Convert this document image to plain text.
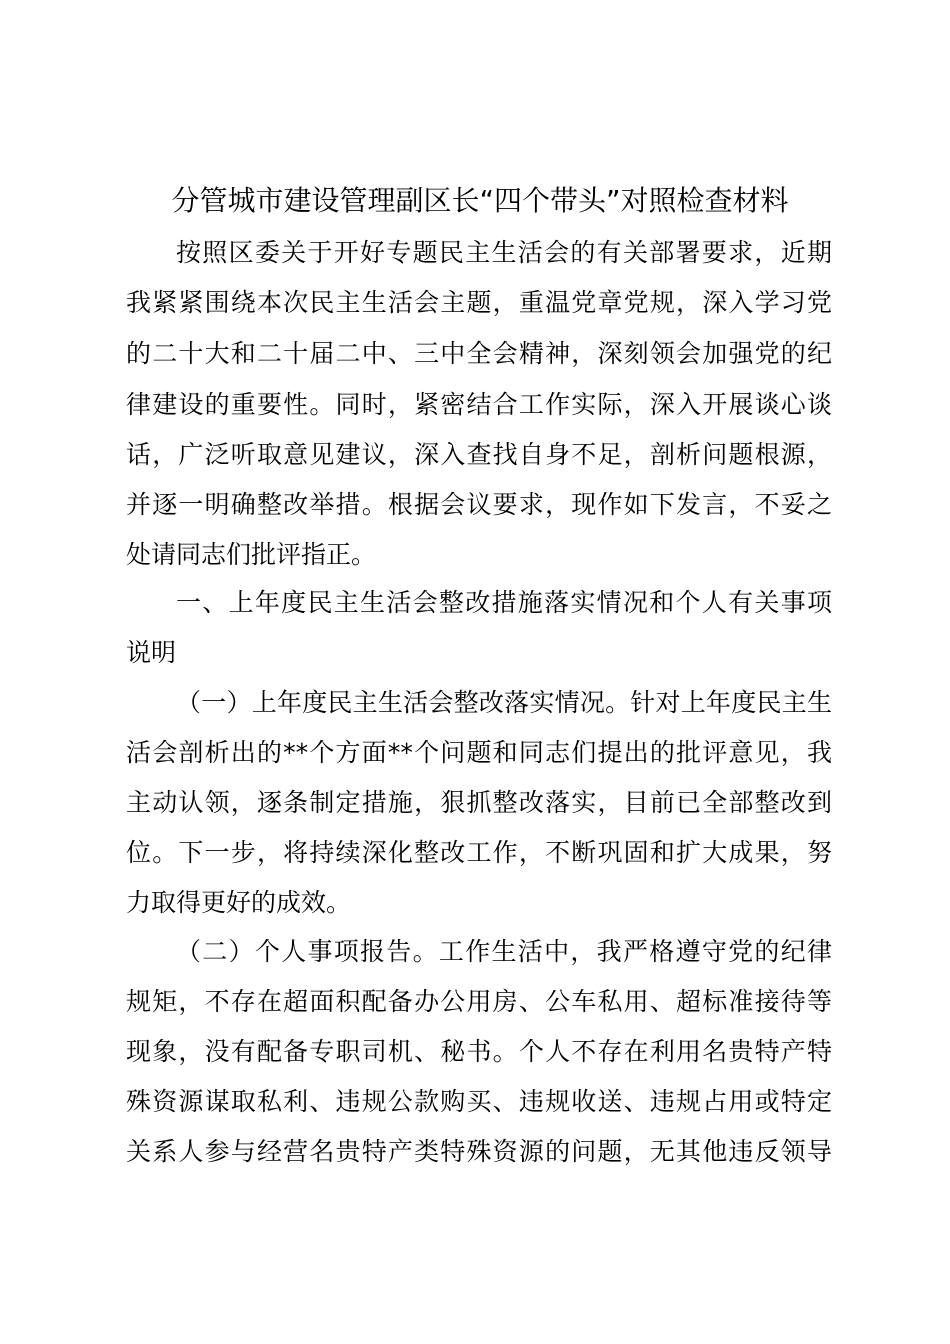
分管城市建设管理副区长“四个带头”对照检查材料
按照区委关于开好专题民主生活会的有关部署要求，近期
我紧紧围绕本次民主生活会主题，重温党章党规，深入学习党
的二十大和二十届二中、三中全会精神，深刻领会加强党的纪
律建设的重要性。同时，紧密结合工作实际，深入开展谈心谈
话，广泛听取意见建议，深入查找自身不足，剖析问题根源，
并逐一明确整改举措。根据会议要求，现作如下发言，不妥之
处请同志们批评指正。
一、上年度民主生活会整改措施落实情况和个人有关事项
说明
（一）上年度民主生活会整改落实情况。针对上年度民主生
活会剖析出的**个方面**个问题和同志们提出的批评意见，我
主动认领，逐条制定措施，狠抓整改落实，目前已全部整改到
位。下一步，将持续深化整改工作，不断巩固和扩大成果，努
力取得更好的成效。
（二）个人事项报告。工作生活中，我严格遵守党的纪律
规矩，不存在超面积配备办公用房、公车私用、超标准接待等
现象，没有配备专职司机、秘书。个人不存在利用名贵特产特
殊资源谋取私利、违规公款购买、违规收送、违规占用或特定
关系人参与经营名贵特产类特殊资源的问题，无其他违反领导
